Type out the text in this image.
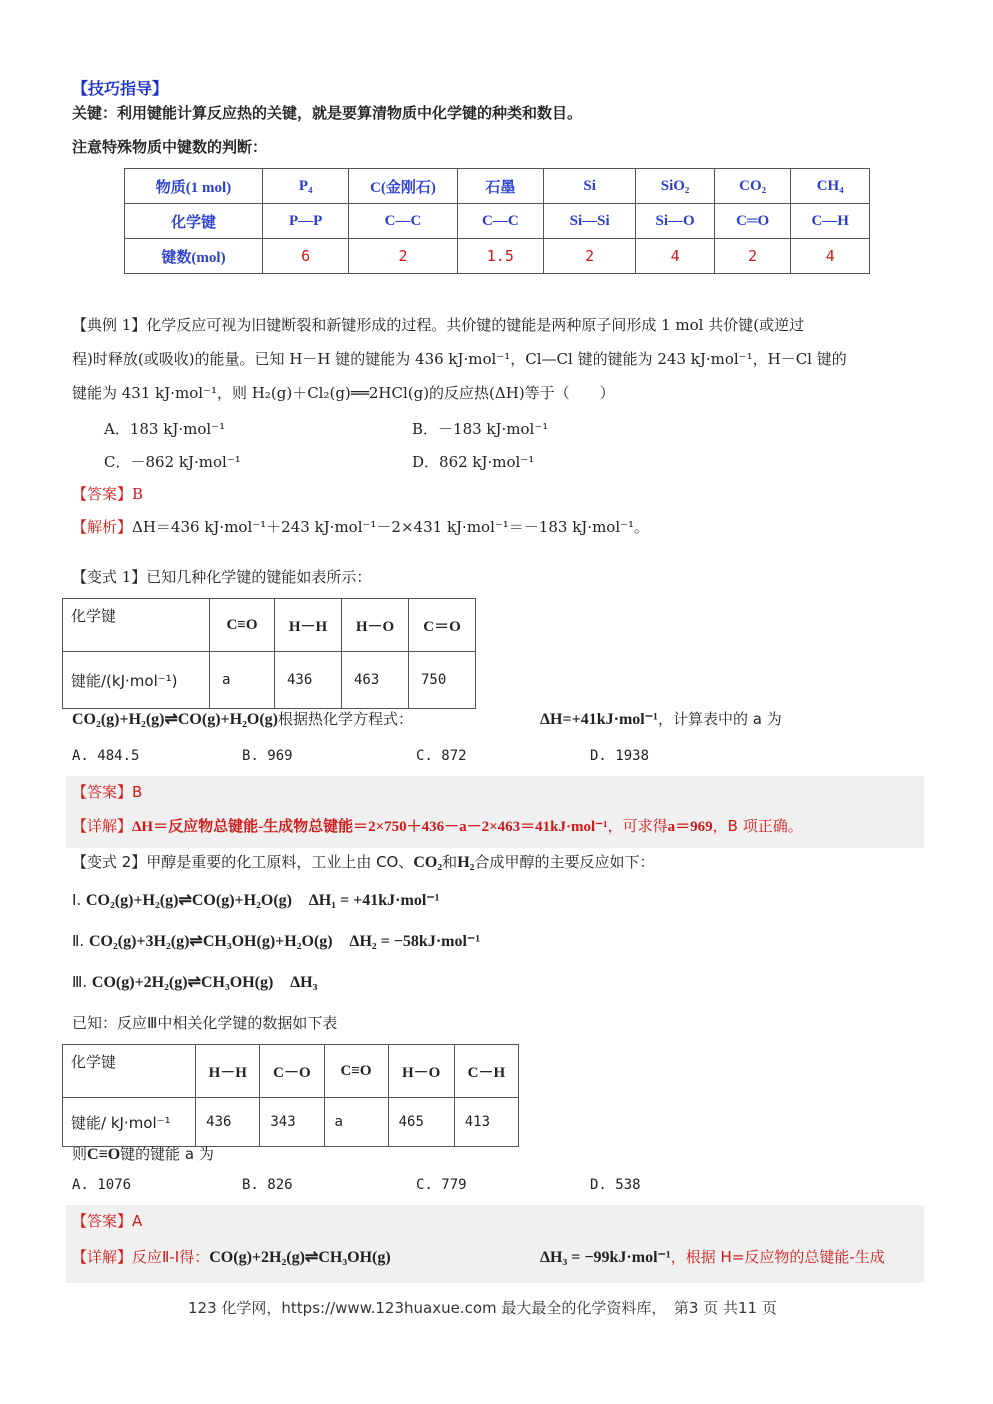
【技巧指导】
关键：利用键能计算反应热的关键，就是要算清物质中化学键的种类和数目。
注意特殊物质中键数的判断：
物质(1 mol)	P₄	C(金刚石)	石墨	Si	SiO₂	CO₂	CH₄
化学键	P—P	C—C	C—C	Si—Si	Si—O	C═O	C—H
键数(mol)	6	2	1.5	2	4	2	4
【典例 1】化学反应可视为旧键断裂和新键形成的过程。共价键的键能是两种原子间形成 1 mol 共价键(或逆过
程)时释放(或吸收)的能量。已知 H－H 键的键能为 436 kJ·mol⁻¹，Cl—Cl 键的键能为 243 kJ·mol⁻¹，H－Cl 键的
键能为 431 kJ·mol⁻¹，则 H₂(g)＋Cl₂(g)══2HCl(g)的反应热(ΔH)等于（　　）
A．183 kJ·mol⁻¹	B．－183 kJ·mol⁻¹
C．－862 kJ·mol⁻¹	D．862 kJ·mol⁻¹
【答案】B
【解析】ΔH＝436 kJ·mol⁻¹＋243 kJ·mol⁻¹－2×431 kJ·mol⁻¹＝－183 kJ·mol⁻¹。
【变式 1】已知几种化学键的键能如表所示：
化学键	C≡O	H－H	H－O	C＝O
键能/(kJ·mol⁻¹)	a	436	463	750
CO₂(g)+H₂(g)⇌CO(g)+H₂O(g)根据热化学方程式：	ΔH=+41kJ·mol⁻¹，计算表中的 a 为
A. 484.5	B. 969	C. 872	D. 1938
【答案】B
【详解】ΔH＝反应物总键能-生成物总键能＝2×750＋436－a－2×463＝41kJ·mol⁻¹，可求得a＝969，B 项正确。
【变式 2】甲醇是重要的化工原料，工业上由 CO、CO₂和H₂合成甲醇的主要反应如下：
Ⅰ. CO₂(g)+H₂(g)⇌CO(g)+H₂O(g) ΔH₁ = +41kJ·mol⁻¹
Ⅱ. CO₂(g)+3H₂(g)⇌CH₃OH(g)+H₂O(g) ΔH₂ = −58kJ·mol⁻¹
Ⅲ. CO(g)+2H₂(g)⇌CH₃OH(g) ΔH₃
已知：反应Ⅲ中相关化学键的数据如下表
化学键	H－H	C－O	C≡O	H－O	C－H
键能/ kJ·mol⁻¹	436	343	a	465	413
则C≡O键的键能 a 为
A. 1076	B. 826	C. 779	D. 538
【答案】A
【详解】反应Ⅱ-Ⅰ得：CO(g)+2H₂(g)⇌CH₃OH(g)	ΔH₃ = −99kJ·mol⁻¹，根据 H=反应物的总键能-生成
123 化学网，https://www.123huaxue.com 最大最全的化学资料库，　第3 页 共11 页
